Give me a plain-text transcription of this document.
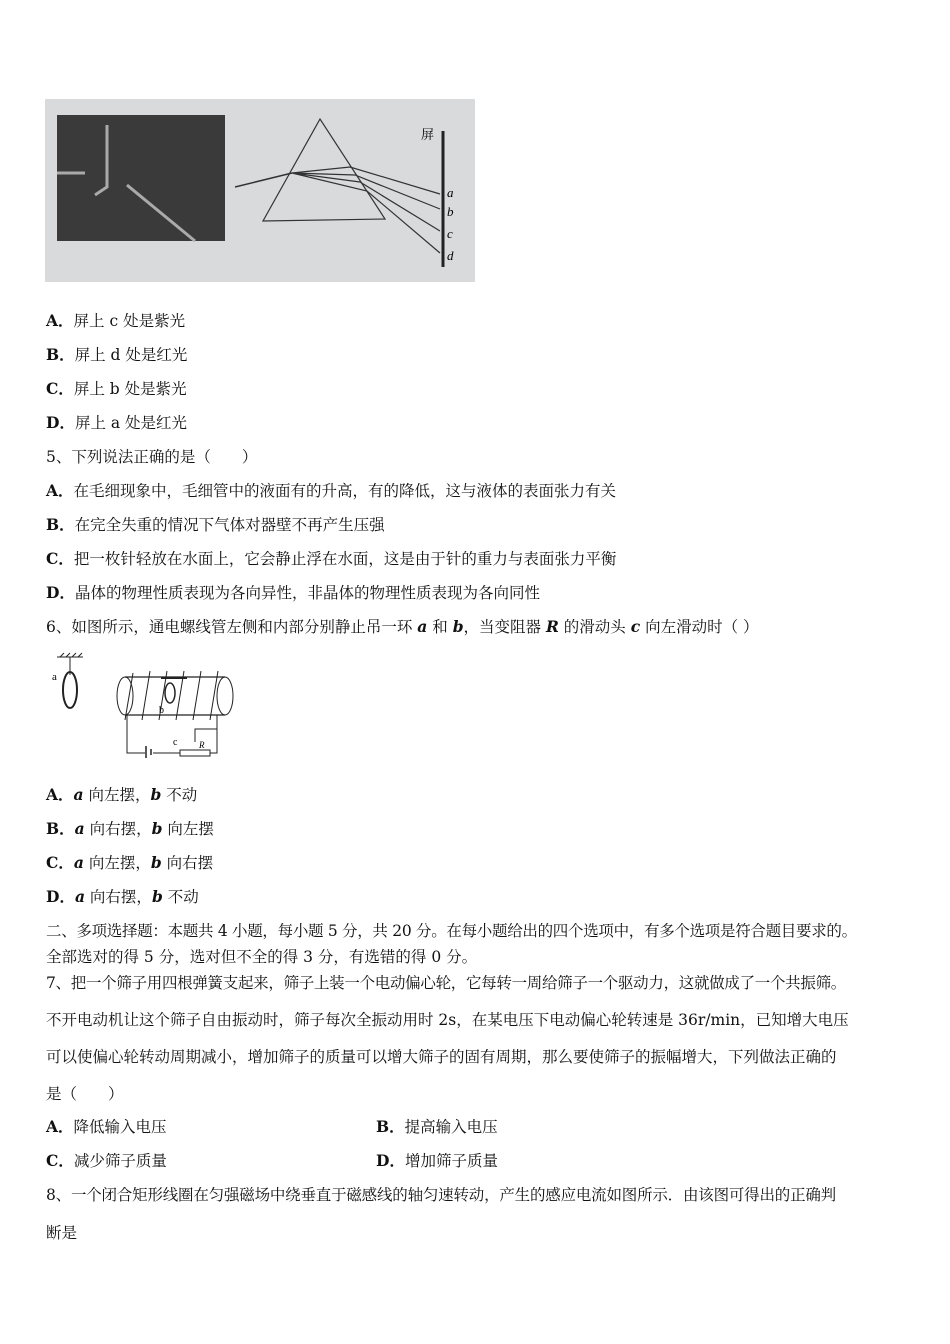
屏
a
b
c
d
A．屏上 c 处是紫光
B．屏上 d 处是红光
C．屏上 b 处是紫光
D．屏上 a 处是红光
5、下列说法正确的是（　　）
A．在毛细现象中，毛细管中的液面有的升高，有的降低，这与液体的表面张力有关
B．在完全失重的情况下气体对器壁不再产生压强
C．把一枚针轻放在水面上，它会静止浮在水面，这是由于针的重力与表面张力平衡
D．晶体的物理性质表现为各向异性，非晶体的物理性质表现为各向同性
6、如图所示，通电螺线管左侧和内部分别静止吊一环 a 和 b，当变阻器 R 的滑动头 c 向左滑动时（ ）
a
b
c R
A．a 向左摆，b 不动
B．a 向右摆，b 向左摆
C．a 向左摆，b 向右摆
D．a 向右摆，b 不动
二、多项选择题：本题共 4 小题，每小题 5 分，共 20 分。在每小题给出的四个选项中，有多个选项是符合题目要求的。
全部选对的得 5 分，选对但不全的得 3 分，有选错的得 0 分。
7、把一个筛子用四根弹簧支起来，筛子上装一个电动偏心轮，它每转一周给筛子一个驱动力，这就做成了一个共振筛。
不开电动机让这个筛子自由振动时，筛子每次全振动用时 2s，在某电压下电动偏心轮转速是 36r/min，已知增大电压
可以使偏心轮转动周期减小，增加筛子的质量可以增大筛子的固有周期，那么要使筛子的振幅增大，下列做法正确的
是（　　）
A．降低输入电压	B．提高输入电压
C．减少筛子质量	D．增加筛子质量
8、一个闭合矩形线圈在匀强磁场中绕垂直于磁感线的轴匀速转动，产生的感应电流如图所示．由该图可得出的正确判
断是
